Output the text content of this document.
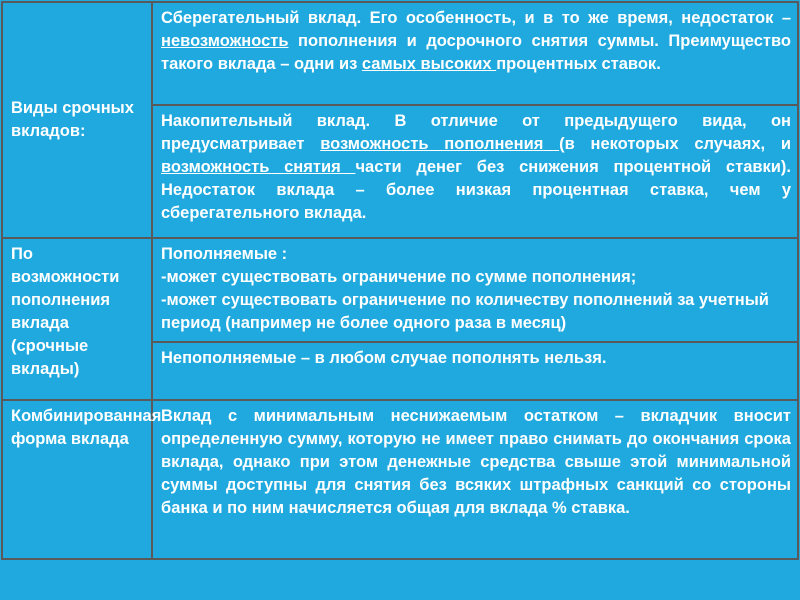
Виды срочных вкладов:	Сберегательный вклад. Его особенность, и в то же время, недостаток – невозможность пополнения и досрочного снятия суммы. Преимущество такого вклада – одни из самых высоких процентных ставок.
	Накопительный вклад. В отличие от предыдущего вида, он предусматривает возможность пополнения (в некоторых случаях, и возможность снятия части денег без снижения процентной ставки). Недостаток вклада – более низкая процентная ставка, чем у сберегательного вклада.
По возможности пополнения вклада (срочные вклады)	Пополняемые :
-может существовать ограничение по сумме пополнения;
-может существовать ограничение по количеству пополнений за учетный период (например не более одного раза в месяц)

	Непополняемые – в любом случае пополнять нельзя.
Комбинированная форма вклада	Вклад с минимальным неснижаемым остатком – вкладчик вносит определенную сумму, которую не имеет право снимать до окончания срока вклада, однако при этом денежные средства свыше этой минимальной суммы доступны для снятия без всяких штрафных санкций со стороны банка и по ним начисляется общая для вклада % ставка.
